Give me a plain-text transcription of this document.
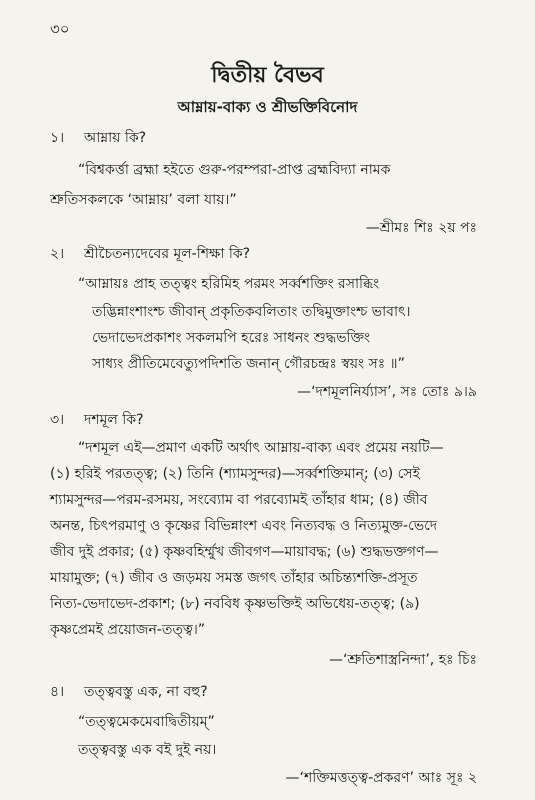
৩০
দ্বিতীয় বৈভব
আম্নায়-বাক্য ও শ্রীভক্তিবিনোদ
১। আম্নায় কি?
“বিশ্বকর্ত্তা ব্রহ্মা হইতে গুরু-পরম্পরা-প্রাপ্ত ব্রহ্মবিদ্যা নামক
শ্রুতিসকলকে ‘আম্নায়’ বলা যায়।”
—শ্রীমঃ শিঃ ২য় পঃ
২। শ্রীচৈতন্যদেবের মূল-শিক্ষা কি?
“আম্নায়ঃ প্রাহ তত্ত্বং হরিমিহ পরমং সর্ব্বশক্তিং রসাব্ধিং
তদ্ভিন্নাংশাংশ্চ জীবান্ প্রকৃতিকবলিতাং তদ্বিমুক্তাংশ্চ ভাবাৎ।
ভেদাভেদপ্রকাশং সকলমপি হরেঃ সাধনং শুদ্ধভক্তিং
সাধ্যং প্রীতিমেবেত্যুপদিশতি জনান্ গৌরচন্দ্রঃ স্বয়ং সঃ ॥”
—‘দশমূলনির্য্যাস’, সঃ তোঃ ৯।৯
৩। দশমূল কি?
“দশমূল এই—প্রমাণ একটি অর্থাৎ আম্নায়-বাক্য এবং প্রমেয় নয়টি—
(১) হরিই পরতত্ত্ব; (২) তিনি (শ্যামসুন্দর)—সর্ব্বশক্তিমান্; (৩) সেই
শ্যামসুন্দর—পরম-রসময়, সংব্যোম বা পরব্যোমই তাঁহার ধাম; (৪) জীব
অনন্ত, চিৎপরমাণু ও কৃষ্ণের বিভিন্নাংশ এবং নিত্যবদ্ধ ও নিত্যমুক্ত-ভেদে
জীব দুই প্রকার; (৫) কৃষ্ণবহির্ম্মুখ জীবগণ—মায়াবদ্ধ; (৬) শুদ্ধভক্তগণ—
মায়ামুক্ত; (৭) জীব ও জড়ময় সমস্ত জগৎ তাঁহার অচিন্ত্যশক্তি-প্রসূত
নিত্য-ভেদাভেদ-প্রকাশ; (৮) নববিধ কৃষ্ণভক্তিই অভিধেয়-তত্ত্ব; (৯)
কৃষ্ণপ্রেমই প্রয়োজন-তত্ত্ব।”
—‘শ্রুতিশাস্ত্রনিন্দা’, হঃ চিঃ
৪। তত্ত্ববস্তু এক, না বহু?
“তত্ত্বমেকমেবাদ্বিতীয়ম্”
তত্ত্ববস্তু এক বই দুই নয়।
—‘শক্তিমত্তত্ত্ব-প্রকরণ’ আঃ সূঃ ২
